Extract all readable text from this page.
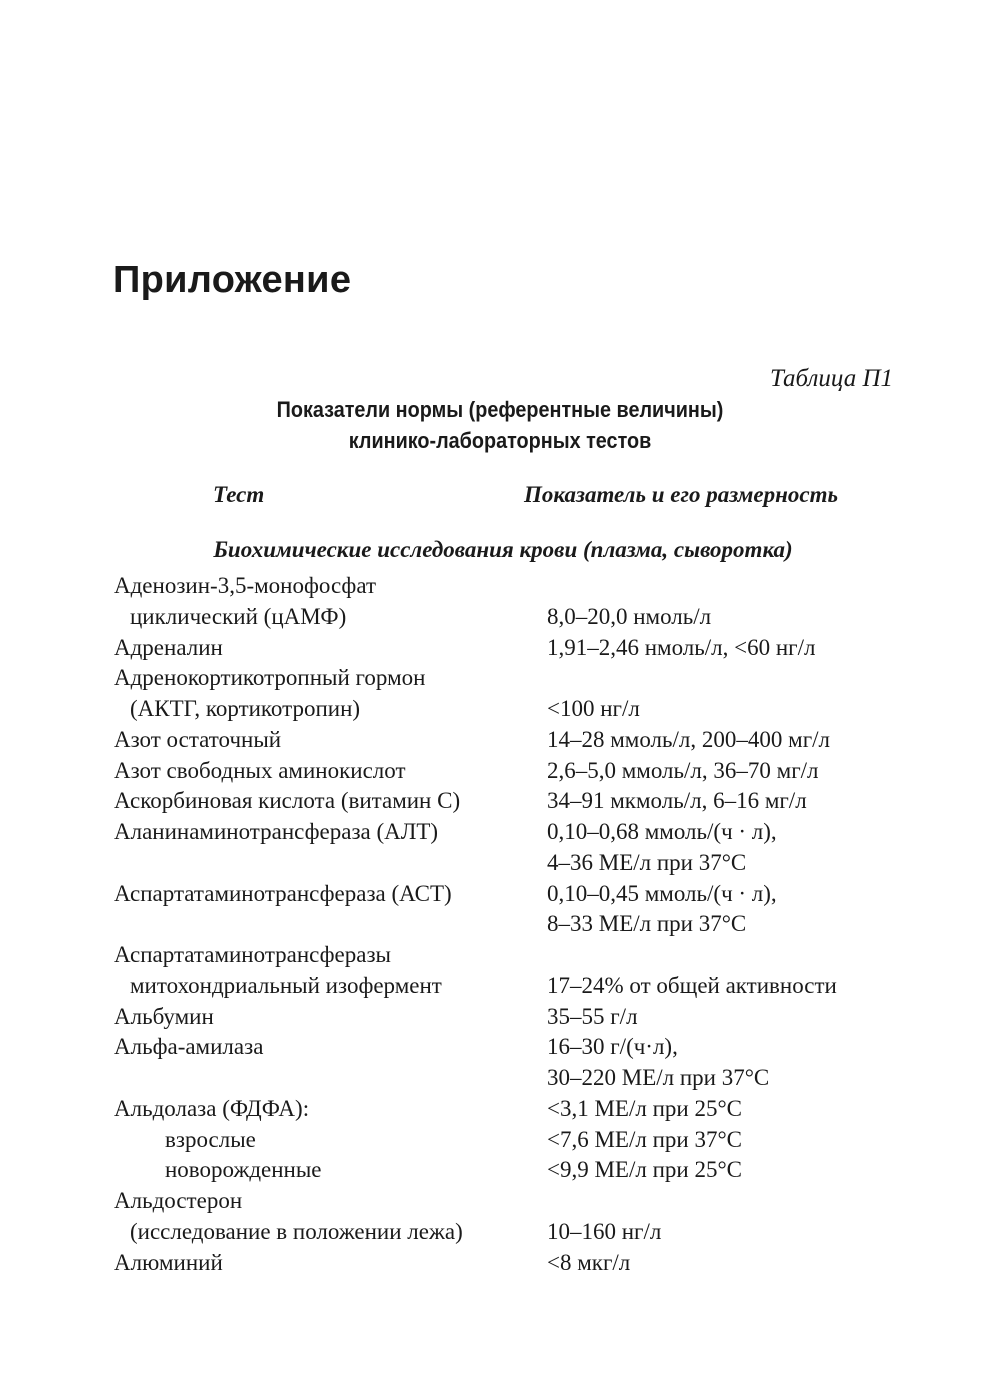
Приложение
Таблица П1
Показатели нормы (референтные величины)
клинико-лабораторных тестов
Тест	Показатель и его размерность
Биохимические исследования крови (плазма, сыворотка)
Аденозин-3,5-монофосфат
циклический (цАМФ)	8,0–20,0 нмоль/л
Адреналин	1,91–2,46 нмоль/л, <60 нг/л
Адренокортикотропный гормон
(АКТГ, кортикотропин)	<100 нг/л
Азот остаточный	14–28 ммоль/л, 200–400 мг/л
Азот свободных аминокислот	2,6–5,0 ммоль/л, 36–70 мг/л
Аскорбиновая кислота (витамин С)	34–91 мкмоль/л, 6–16 мг/л
Аланинаминотрансфераза (АЛТ)	0,10–0,68 ммоль/(ч · л),
4–36 МЕ/л при 37°С
Аспартатаминотрансфераза (АСТ)	0,10–0,45 ммоль/(ч · л),
8–33 МЕ/л при 37°С
Аспартатаминотрансферазы
митохондриальный изофермент	17–24% от общей активности
Альбумин	35–55 г/л
Альфа-амилаза	16–30 г/(ч·л),
30–220 МЕ/л при 37°С
Альдолаза (ФДФА):	<3,1 МЕ/л при 25°С
взрослые	<7,6 МЕ/л при 37°С
новорожденные	<9,9 МЕ/л при 25°С
Альдостерон
(исследование в положении лежа)	10–160 нг/л
Алюминий	<8 мкг/л
